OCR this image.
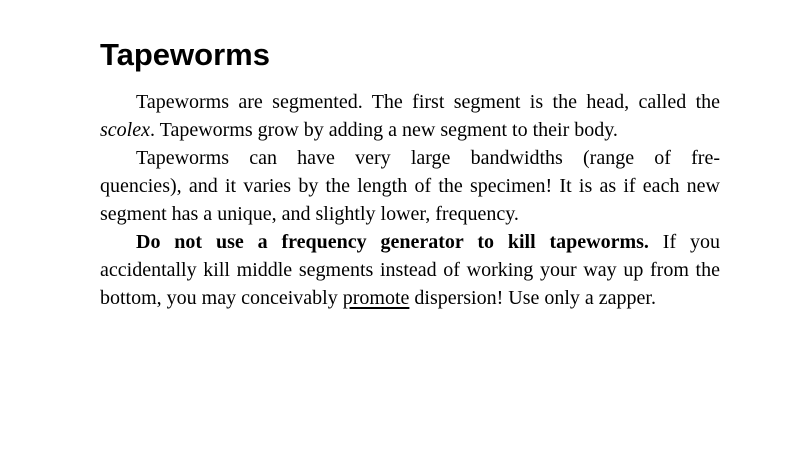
Tapeworms

Tapeworms are segmented. The first segment is the head, called the scolex. Tapeworms grow by adding a new segment to their body.

Tapeworms can have very large bandwidths (range of fre-
quencies), and it varies by the length of the specimen! It is as if each new segment has a unique, and slightly lower, frequency.

Do not use a frequency generator to kill tapeworms. If you accidentally kill middle segments instead of working your way up from the bottom, you may conceivably promote dispersion! Use only a zapper.
